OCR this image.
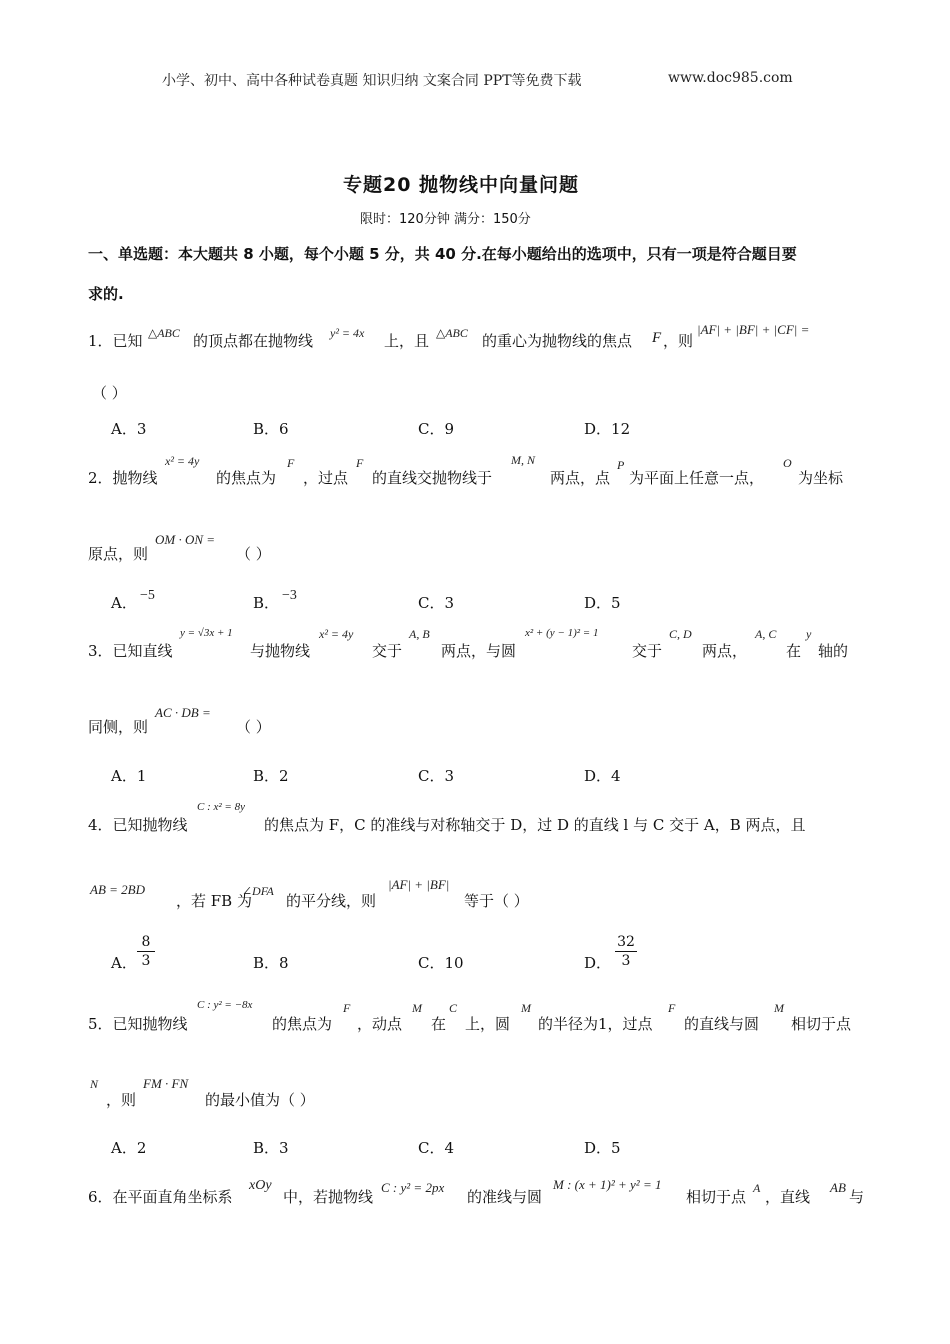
小学、初中、高中各种试卷真题 知识归纳 文案合同 PPT等免费下载	www.doc985.com
专题20 抛物线中向量问题
限时：120分钟 满分：150分
一、单选题：本大题共 8 小题，每个小题 5 分，共 40 分.在每小题给出的选项中，只有一项是符合题目要
求的.
1．已知 △ABC 的顶点都在抛物线 y² = 4x 上，且 △ABC 的重心为抛物线的焦点 F ，则
|AF| + |BF| + |CF| =
（ ）
A．3	B．6	C．9	D．12
2．抛物线
x² = 4y
的焦点为
F
，过点
F
的直线交抛物线于
M, N
两点，点
P
为平面上任意一点，
O
为坐标
原点，则
OM · ON =
（ ）
A． −5	B． −3	C．3	D．5
3．已知直线
y = √3x + 1
与抛物线
x² = 4y
交于
A, B
两点，与圆
x² + (y − 1)² = 1
交于
C, D
两点，
A, C
在
y
轴的
同侧，则
AC · DB =
（ ）
A．1	B．2	C．3	D．4
4．已知抛物线
C : x² = 8y
的焦点为 F，C 的准线与对称轴交于 D，过 D 的直线 l 与 C 交于 A，B 两点，且
AB = 2BD
，若 FB 为
∠DFA
的平分线，则
|AF| + |BF|
等于（ ）
A．
8
3	B．8	C．10	D．
32
3
5．已知抛物线
C : y² = −8x
的焦点为
F
，动点
M
在
C
上，圆
M
的半径为1，过点
F
的直线与圆
M
相切于点
N
，则
FM · FN
的最小值为（ ）
A．2	B．3	C．4	D．5
6．在平面直角坐标系
xOy
中，若抛物线
C : y² = 2px
的准线与圆
M : (x + 1)² + y² = 1
相切于点 A ，直线
AB
与
